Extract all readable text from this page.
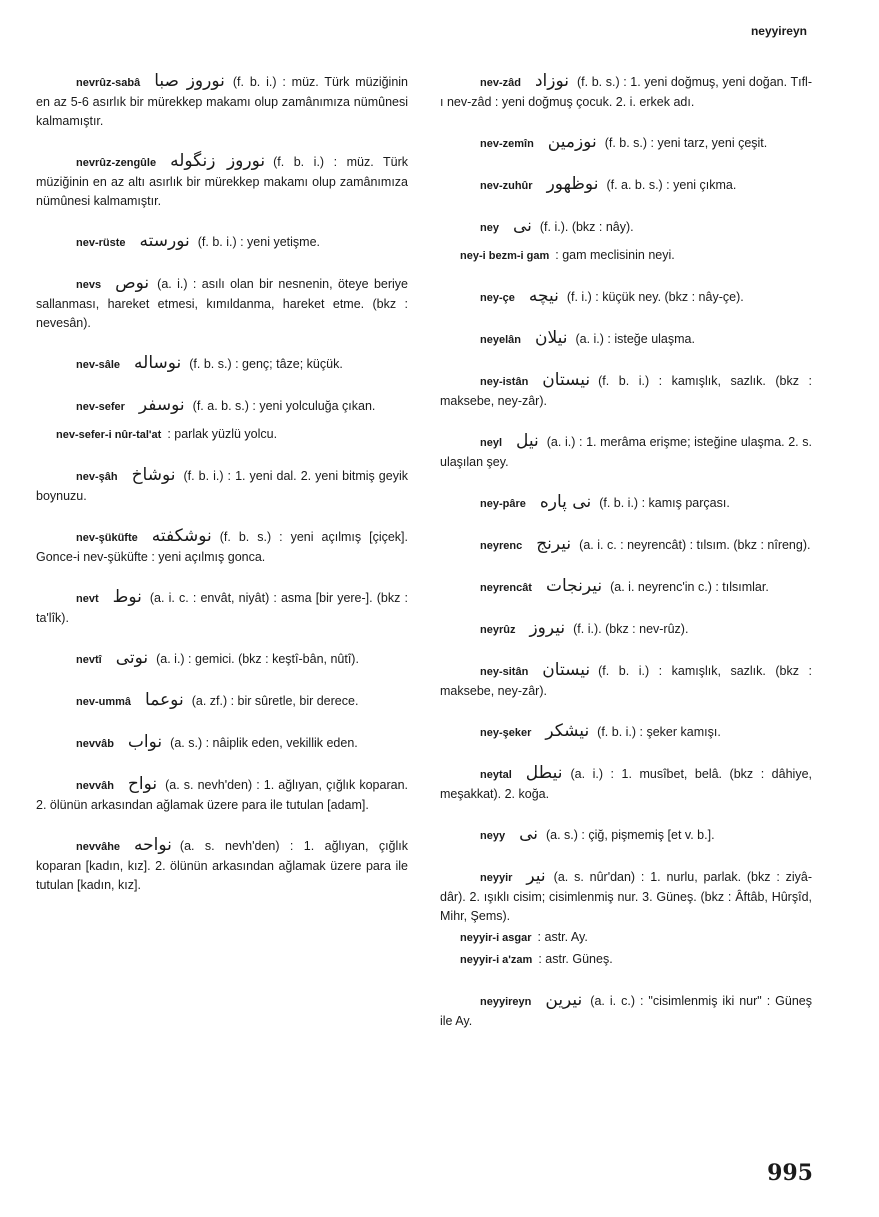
neyyireyn
nevrûz-sabâ نوروز صبا (f. b. i.) : müz. Türk müziğinin en az 5-6 asırlık bir mürekkep makamı olup zamânımıza nümûnesi kalmamıştır.
nevrûz-zengûle نوروز زنگوله (f. b. i.) : müz. Türk müziğinin en az altı asırlık bir mürekkep makamı olup zamânımıza nümûnesi kalmamıştır.
nev-rüste نورسته (f. b. i.) : yeni yetişme.
nevs نوص (a. i.) : asılı olan bir nesnenin, öteye beriye sallanması, hareket etmesi, kımıldanma, hareket etme. (bkz : nevesân).
nev-sâle نوساله (f. b. s.) : genç; tâze; küçük.
nev-sefer نوسفر (f. a. b. s.) : yeni yolculuğa çıkan.
nev-sefer-i nûr-tal'at : parlak yüzlü yolcu.
nev-şâh نوشاخ (f. b. i.) : 1. yeni dal. 2. yeni bitmiş geyik boynuzu.
nev-şüküfte نوشکفته (f. b. s.) : yeni açılmış [çiçek]. Gonce-i nev-şüküfte : yeni açılmış gonca.
nevt نوط (a. i. c. : envât, niyât) : asma [bir yere-]. (bkz : ta'lîk).
nevtî نوتى (a. i.) : gemici. (bkz : keştî-bân, nûtî).
nev-ummâ نوعما (a. zf.) : bir sûretle, bir derece.
nevvâb نواب (a. s.) : nâiplik eden, vekillik eden.
nevvâh نواح (a. s. nevh'den) : 1. ağlıyan, çığlık koparan. 2. ölünün arkasından ağlamak üzere para ile tutulan [adam].
nevvâhe نواحه (a. s. nevh'den) : 1. ağlıyan, çığlık koparan [kadın, kız]. 2. ölünün arkasından ağlamak üzere para ile tutulan [kadın, kız].
nev-zâd نوزاد (f. b. s.) : 1. yeni doğmuş, yeni doğan. Tıfl-ı nev-zâd : yeni doğmuş çocuk. 2. i. erkek adı.
nev-zemîn نوزمين (f. b. s.) : yeni tarz, yeni çeşit.
nev-zuhûr نوظهور (f. a. b. s.) : yeni çıkma.
ney نى (f. i.). (bkz : nây).
ney-i bezm-i gam : gam meclisinin neyi.
ney-çe نيچه (f. i.) : küçük ney. (bkz : nây-çe).
neyelân نيلان (a. i.) : isteğe ulaşma.
ney-istân نيستان (f. b. i.) : kamışlık, sazlık. (bkz : maksebe, ney-zâr).
neyl نيل (a. i.) : 1. merâma erişme; isteğine ulaşma. 2. s. ulaşılan şey.
ney-pâre نى پاره (f. b. i.) : kamış parçası.
neyrenc نيرنج (a. i. c. : neyrencât) : tılsım. (bkz : nîreng).
neyrencât نيرنجات (a. i. neyrenc'in c.) : tılsımlar.
neyrûz نيروز (f. i.). (bkz : nev-rûz).
ney-sitân نيستان (f. b. i.) : kamışlık, sazlık. (bkz : maksebe, ney-zâr).
ney-şeker نيشكر (f. b. i.) : şeker kamışı.
neytal نيطل (a. i.) : 1. musîbet, belâ. (bkz : dâhiye, meşakkat). 2. koğa.
neyy نى (a. s.) : çiğ, pişmemiş [et v. b.].
neyyir نير (a. s. nûr'dan) : 1. nurlu, parlak. (bkz : ziyâ-dâr). 2. ışıklı cisim; cisimlenmiş nur. 3. Güneş. (bkz : Âftâb, Hûrşîd, Mihr, Şems).
neyyir-i asgar : astr. Ay.
neyyir-i a'zam : astr. Güneş.
neyyireyn نيرين (a. i. c.) : "cisimlenmiş iki nur" : Güneş ile Ay.
995
